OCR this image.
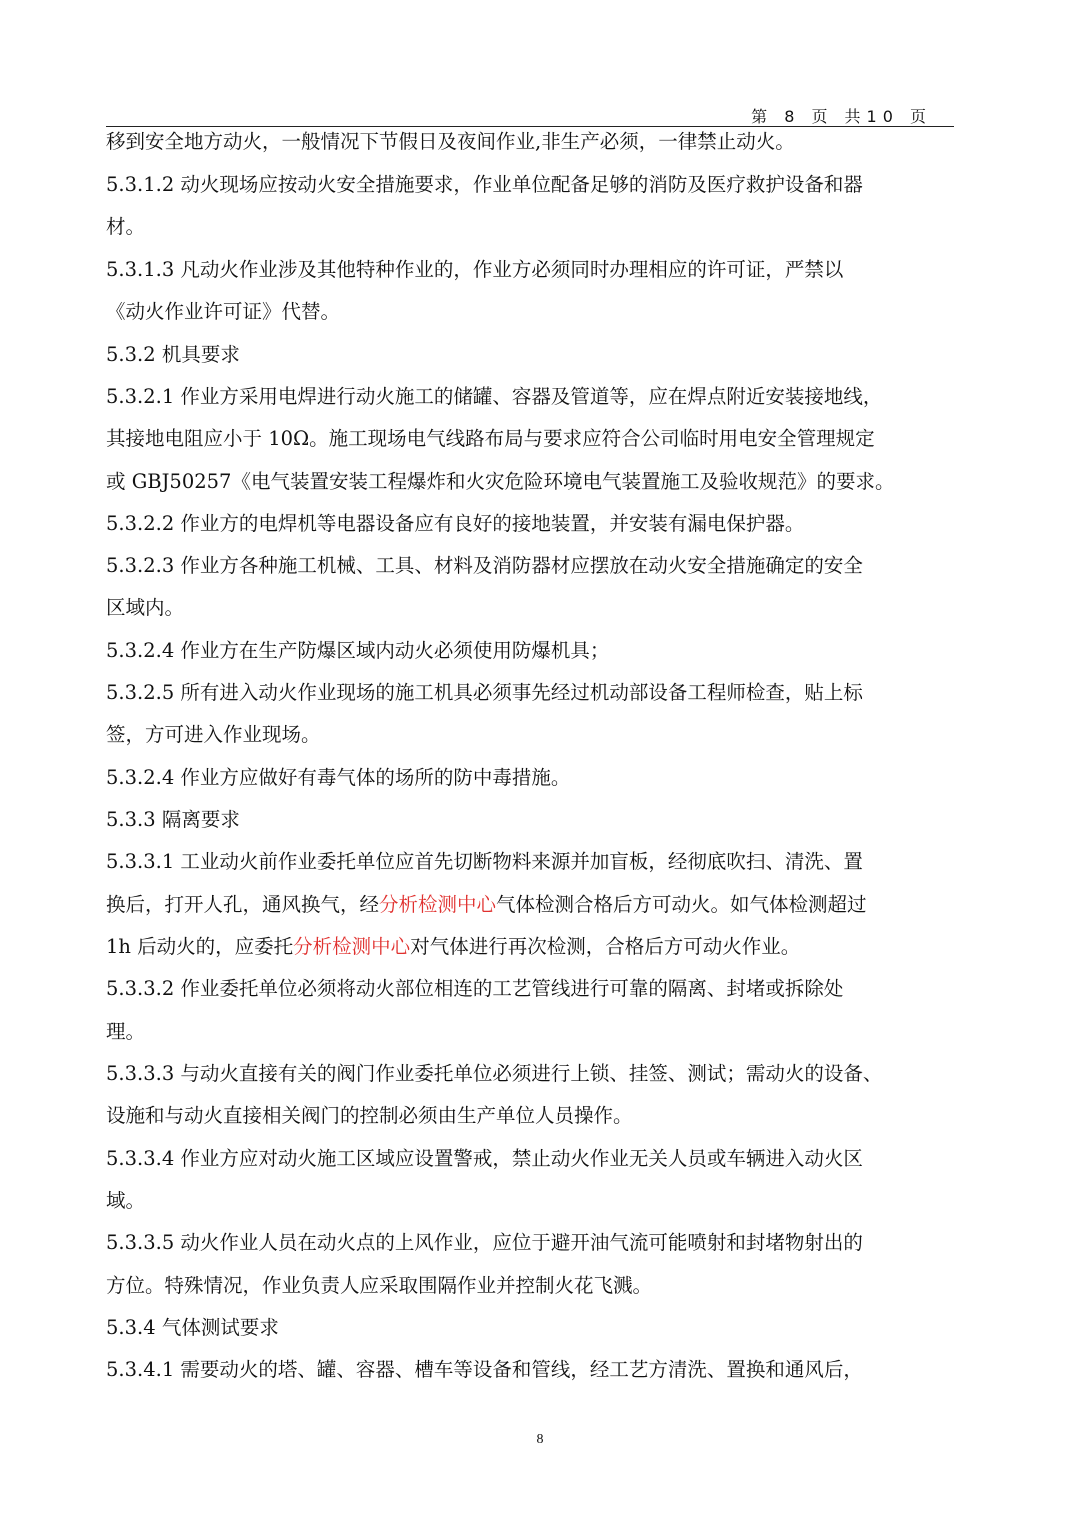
第 8 页 共10 页
移到安全地方动火，一般情况下节假日及夜间作业,非生产必须，一律禁止动火。
5.3.1.2 动火现场应按动火安全措施要求，作业单位配备足够的消防及医疗救护设备和器
材。
5.3.1.3 凡动火作业涉及其他特种作业的，作业方必须同时办理相应的许可证，严禁以
《动火作业许可证》代替。
5.3.2 机具要求
5.3.2.1 作业方采用电焊进行动火施工的储罐、容器及管道等，应在焊点附近安装接地线，
其接地电阻应小于 10Ω。施工现场电气线路布局与要求应符合公司临时用电安全管理规定
或 GBJ50257《电气装置安装工程爆炸和火灾危险环境电气装置施工及验收规范》的要求。
5.3.2.2 作业方的电焊机等电器设备应有良好的接地装置，并安装有漏电保护器。
5.3.2.3 作业方各种施工机械、工具、材料及消防器材应摆放在动火安全措施确定的安全
区域内。
5.3.2.4 作业方在生产防爆区域内动火必须使用防爆机具；
5.3.2.5 所有进入动火作业现场的施工机具必须事先经过机动部设备工程师检查，贴上标
签，方可进入作业现场。
5.3.2.4 作业方应做好有毒气体的场所的防中毒措施。
5.3.3 隔离要求
5.3.3.1 工业动火前作业委托单位应首先切断物料来源并加盲板，经彻底吹扫、清洗、置
换后，打开人孔，通风换气，经分析检测中心气体检测合格后方可动火。如气体检测超过
1h 后动火的，应委托分析检测中心对气体进行再次检测，合格后方可动火作业。
5.3.3.2 作业委托单位必须将动火部位相连的工艺管线进行可靠的隔离、封堵或拆除处
理。
5.3.3.3 与动火直接有关的阀门作业委托单位必须进行上锁、挂签、测试；需动火的设备、
设施和与动火直接相关阀门的控制必须由生产单位人员操作。
5.3.3.4 作业方应对动火施工区域应设置警戒，禁止动火作业无关人员或车辆进入动火区
域。
5.3.3.5 动火作业人员在动火点的上风作业，应位于避开油气流可能喷射和封堵物射出的
方位。特殊情况，作业负责人应采取围隔作业并控制火花飞溅。
5.3.4 气体测试要求
5.3.4.1 需要动火的塔、罐、容器、槽车等设备和管线，经工艺方清洗、置换和通风后，
8
